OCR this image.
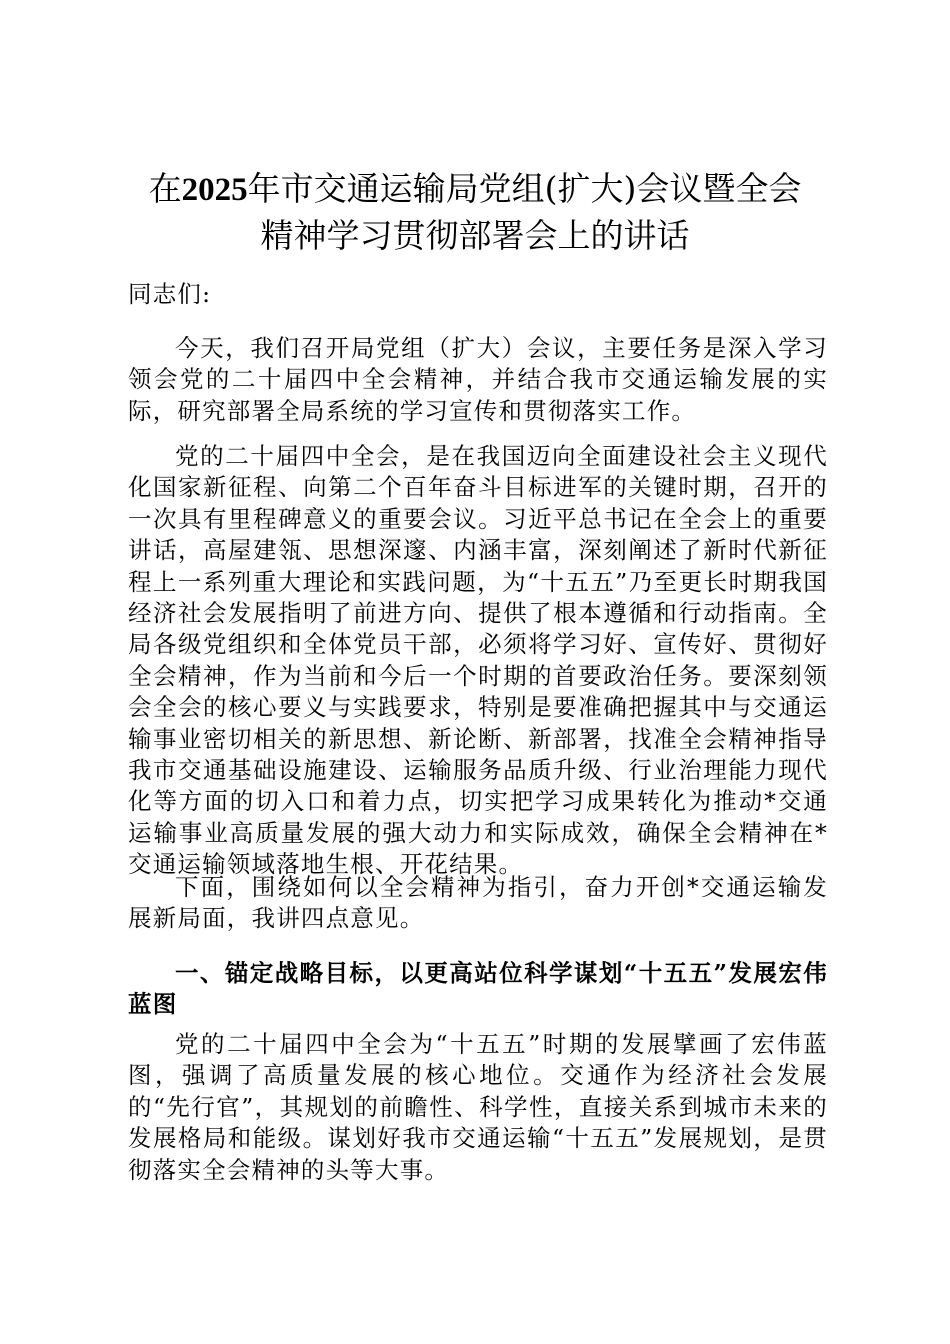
在2025年市交通运输局党组(扩大)会议暨全会
精神学习贯彻部署会上的讲话

同志们:

今天，我们召开局党组（扩大）会议，主要任务是深入学习领会党的二十届四中全会精神，并结合我市交通运输发展的实际，研究部署全局系统的学习宣传和贯彻落实工作。

党的二十届四中全会，是在我国迈向全面建设社会主义现代化国家新征程、向第二个百年奋斗目标进军的关键时期，召开的一次具有里程碑意义的重要会议。习近平总书记在全会上的重要讲话，高屋建瓴、思想深邃、内涵丰富，深刻阐述了新时代新征程上一系列重大理论和实践问题，为“十五五”乃至更长时期我国经济社会发展指明了前进方向、提供了根本遵循和行动指南。全局各级党组织和全体党员干部，必须将学习好、宣传好、贯彻好全会精神，作为当前和今后一个时期的首要政治任务。要深刻领会全会的核心要义与实践要求，特别是要准确把握其中与交通运输事业密切相关的新思想、新论断、新部署，找准全会精神指导我市交通基础设施建设、运输服务品质升级、行业治理能力现代化等方面的切入口和着力点，切实把学习成果转化为推动*交通运输事业高质量发展的强大动力和实际成效，确保全会精神在*交通运输领域落地生根、开花结果。

下面，围绕如何以全会精神为指引，奋力开创*交通运输发展新局面，我讲四点意见。

一、锚定战略目标，以更高站位科学谋划“十五五”发展宏伟蓝图

党的二十届四中全会为“十五五”时期的发展擘画了宏伟蓝图，强调了高质量发展的核心地位。交通作为经济社会发展的“先行官”，其规划的前瞻性、科学性，直接关系到城市未来的发展格局和能级。谋划好我市交通运输“十五五”发展规划，是贯彻落实全会精神的头等大事。
